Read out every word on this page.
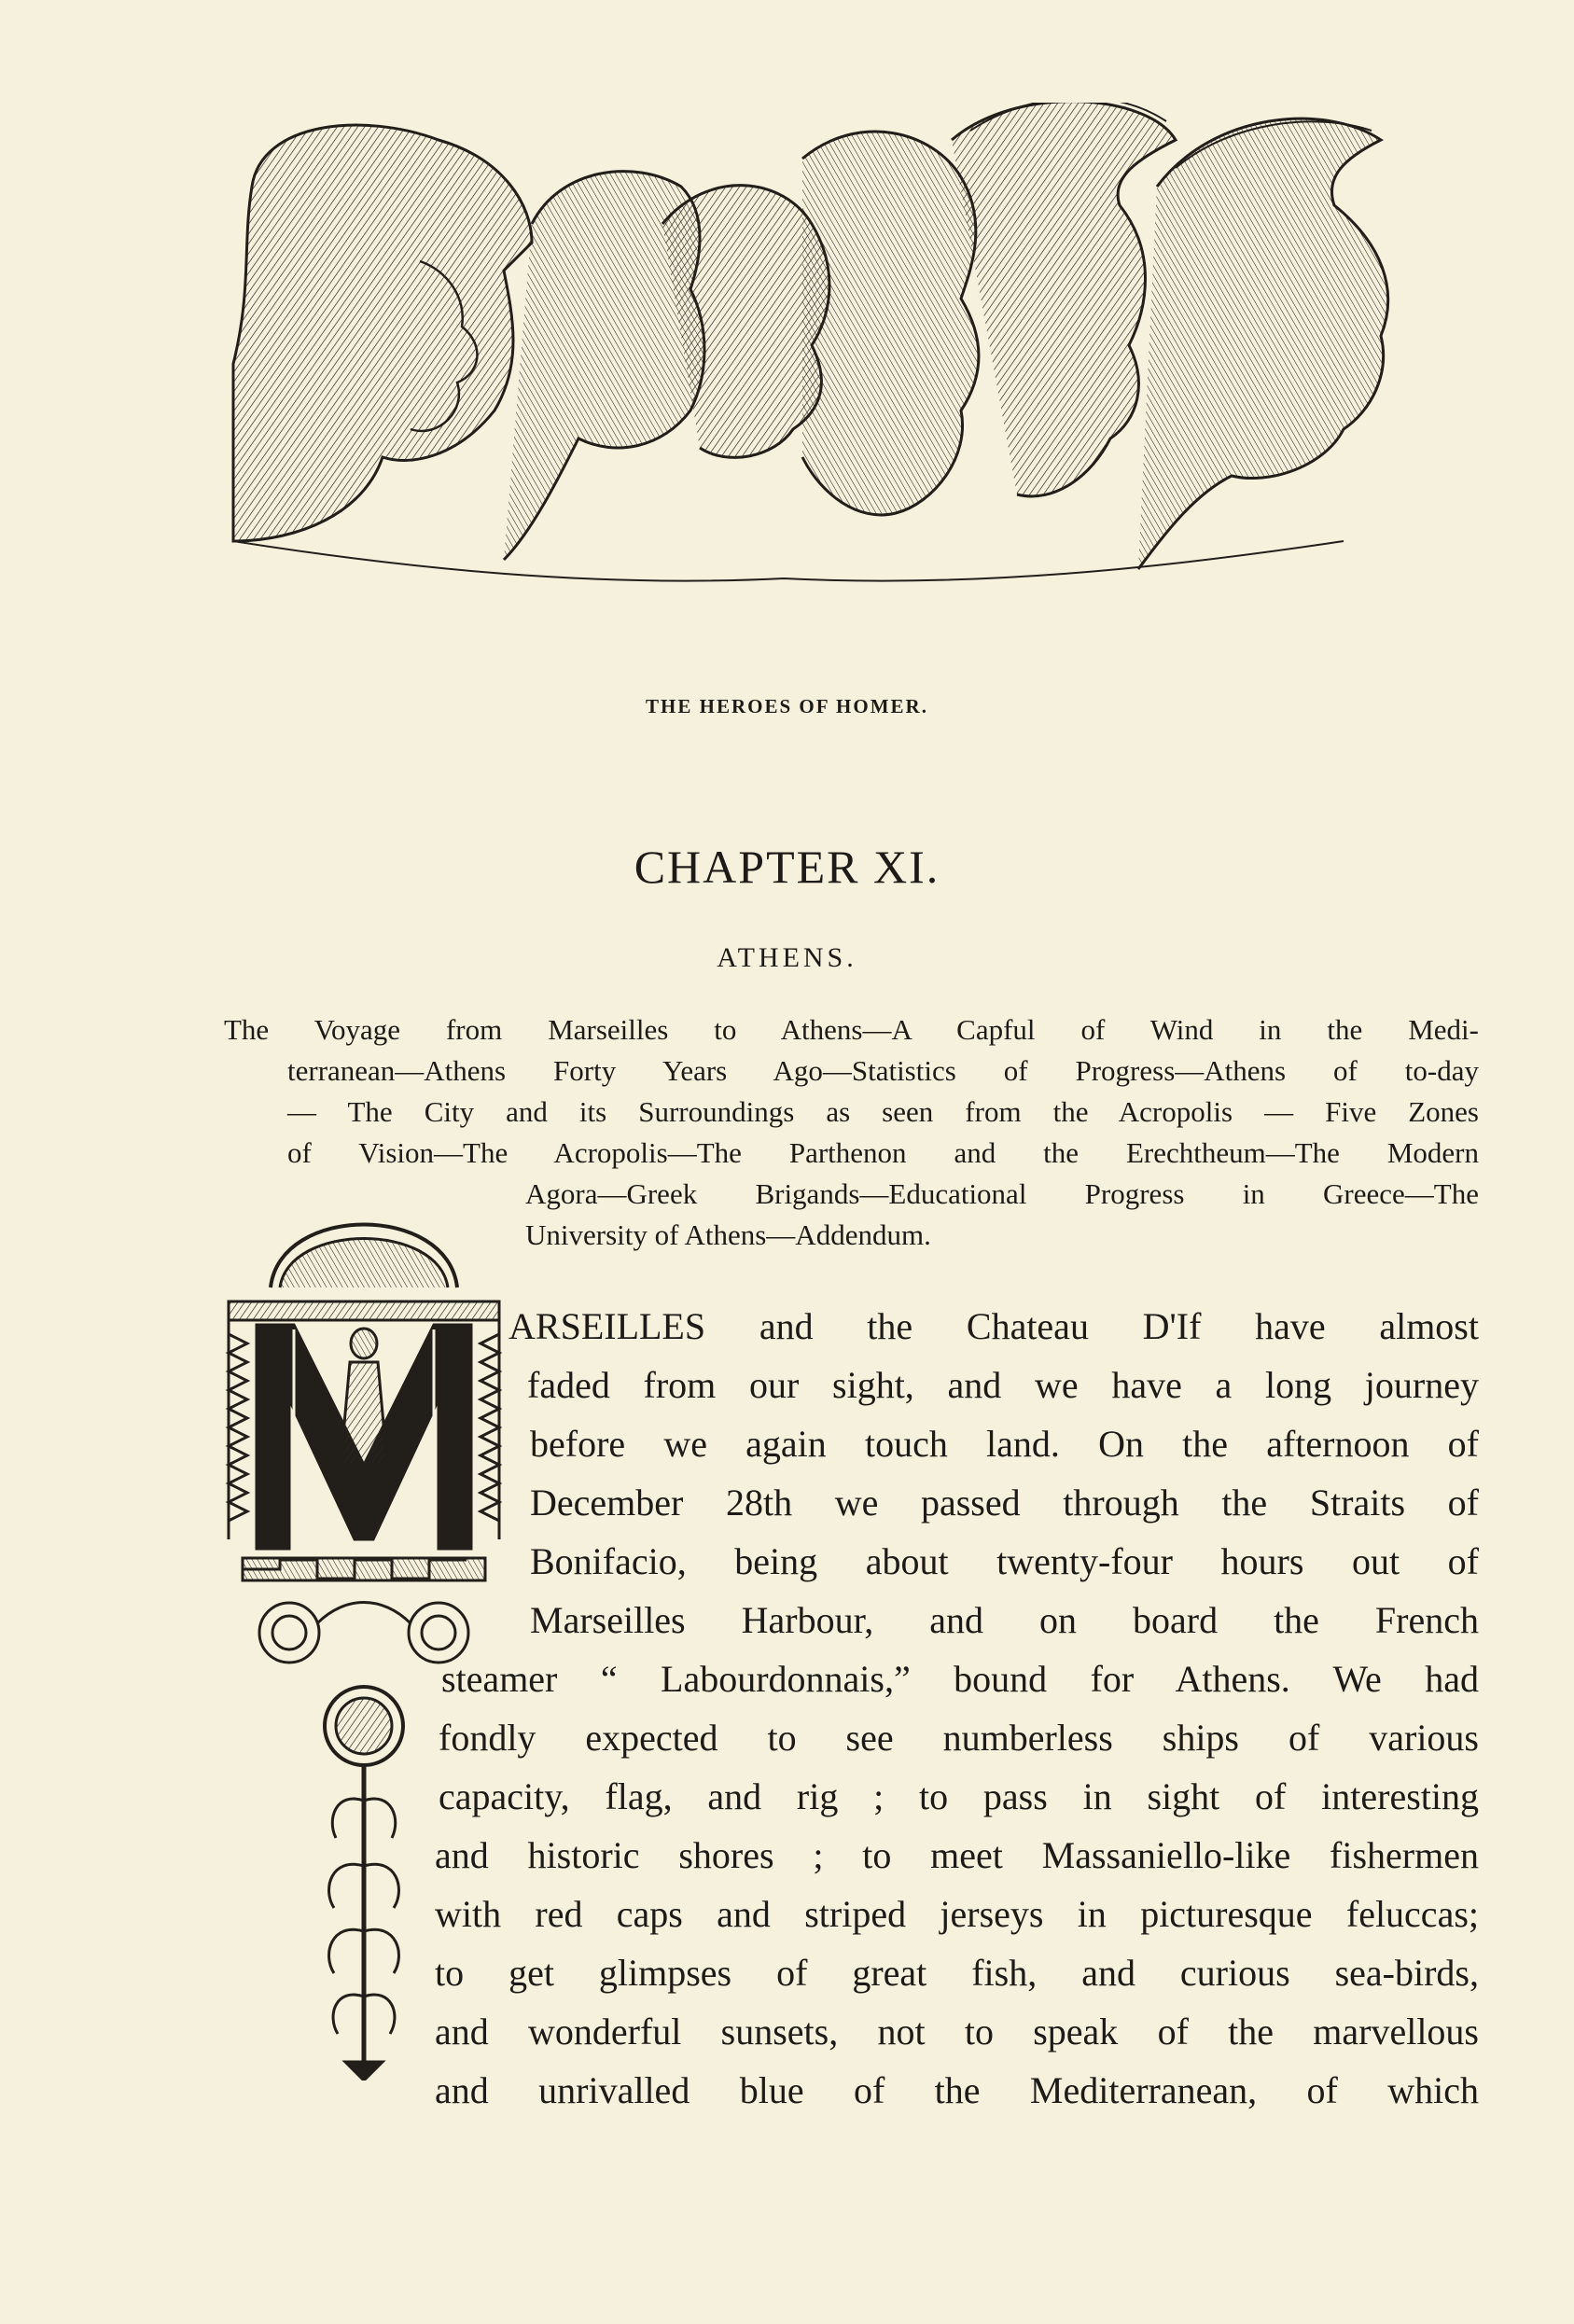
THE HEROES OF HOMER.
CHAPTER XI.
ATHENS.
The Voyage from Marseilles to Athens—A Capful of Wind in the Medi-
terranean—Athens Forty Years Ago—Statistics of Progress—Athens of to-day
— The City and its Surroundings as seen from the Acropolis — Five Zones
of Vision—The Acropolis—The Parthenon and the Erechtheum—The Modern
Agora—Greek Brigands—Educational Progress in Greece—The
University of Athens—Addendum.
ARSEILLES and the Chateau D'If have almost
faded from our sight, and we have a long journey
before we again touch land. On the afternoon of
December 28th we passed through the Straits of
Bonifacio, being about twenty-four hours out of
Marseilles Harbour, and on board the French
steamer “ Labourdonnais,” bound for Athens. We had
fondly expected to see numberless ships of various
capacity, flag, and rig ; to pass in sight of interesting
and historic shores ; to meet Massaniello-like fishermen
with red caps and striped jerseys in picturesque feluccas;
to get glimpses of great fish, and curious sea-birds,
and wonderful sunsets, not to speak of the marvellous
and unrivalled blue of the Mediterranean, of which
